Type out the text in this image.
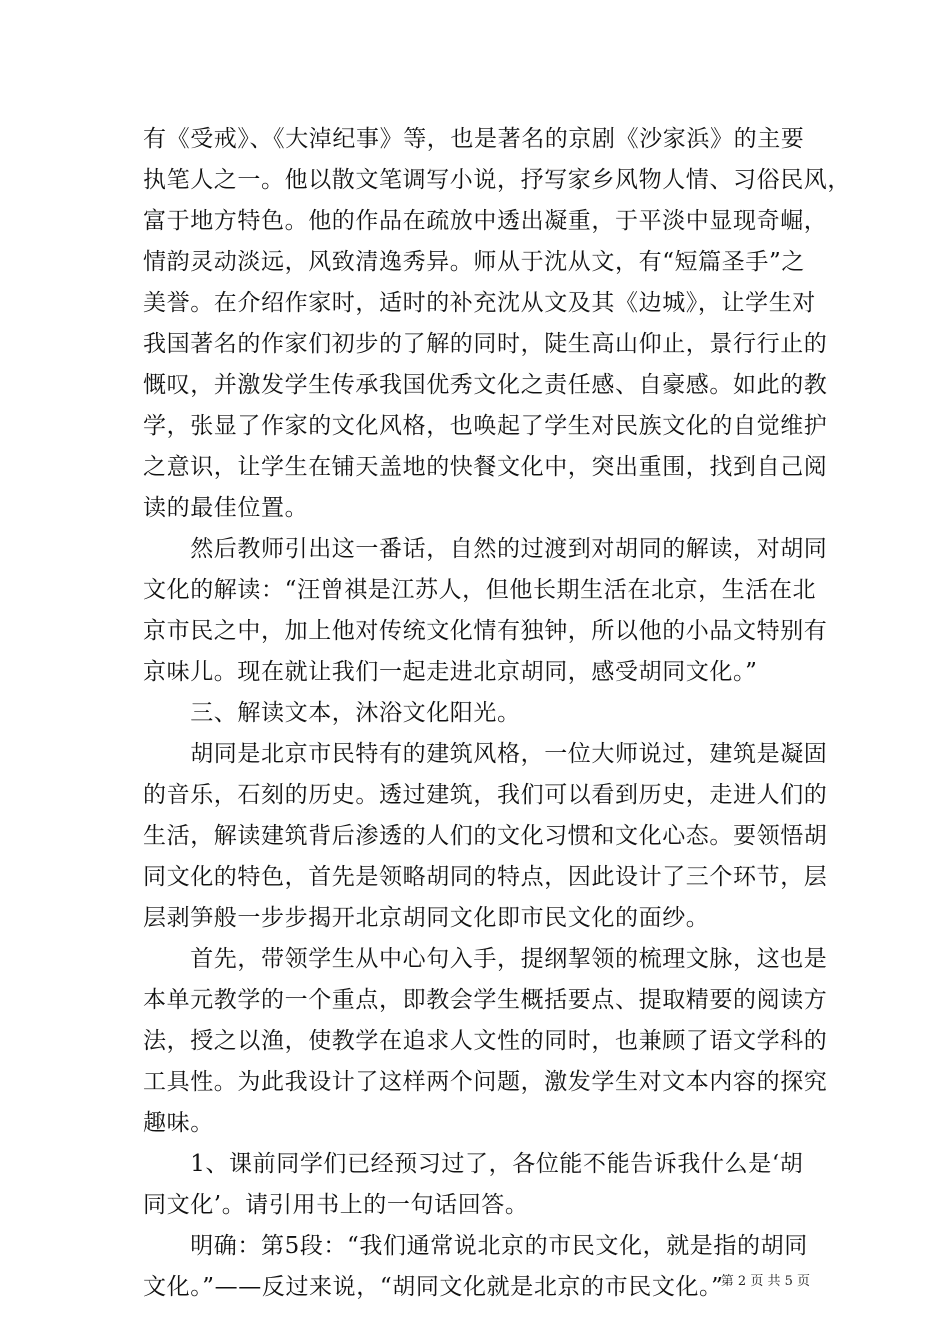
有《受戒》、《大淖纪事》等，也是著名的京剧《沙家浜》的主要
执笔人之一。他以散文笔调写小说，抒写家乡风物人情、习俗民风，
富于地方特色。他的作品在疏放中透出凝重，于平淡中显现奇崛，
情韵灵动淡远，风致清逸秀异。师从于沈从文，有“短篇圣手”之
美誉。在介绍作家时，适时的补充沈从文及其《边城》，让学生对
我国著名的作家们初步的了解的同时，陡生高山仰止，景行行止的
慨叹，并激发学生传承我国优秀文化之责任感、自豪感。如此的教
学，张显了作家的文化风格，也唤起了学生对民族文化的自觉维护
之意识，让学生在铺天盖地的快餐文化中，突出重围，找到自己阅
读的最佳位置。
　　然后教师引出这一番话，自然的过渡到对胡同的解读，对胡同
文化的解读：“汪曾祺是江苏人，但他长期生活在北京，生活在北
京市民之中，加上他对传统文化情有独钟，所以他的小品文特别有
京味儿。现在就让我们一起走进北京胡同，感受胡同文化。”
　　三、解读文本，沐浴文化阳光。
　　胡同是北京市民特有的建筑风格，一位大师说过，建筑是凝固
的音乐，石刻的历史。透过建筑，我们可以看到历史，走进人们的
生活，解读建筑背后渗透的人们的文化习惯和文化心态。要领悟胡
同文化的特色，首先是领略胡同的特点，因此设计了三个环节，层
层剥笋般一步步揭开北京胡同文化即市民文化的面纱。
　　首先，带领学生从中心句入手，提纲挈领的梳理文脉，这也是
本单元教学的一个重点，即教会学生概括要点、提取精要的阅读方
法，授之以渔，使教学在追求人文性的同时，也兼顾了语文学科的
工具性。为此我设计了这样两个问题，激发学生对文本内容的探究
趣味。
　　1、课前同学们已经预习过了，各位能不能告诉我什么是‘胡
同文化’。请引用书上的一句话回答。
　　明确：第5段：“我们通常说北京的市民文化，就是指的胡同
文化。”——反过来说，“胡同文化就是北京的市民文化。”
第 2 页 共 5 页
